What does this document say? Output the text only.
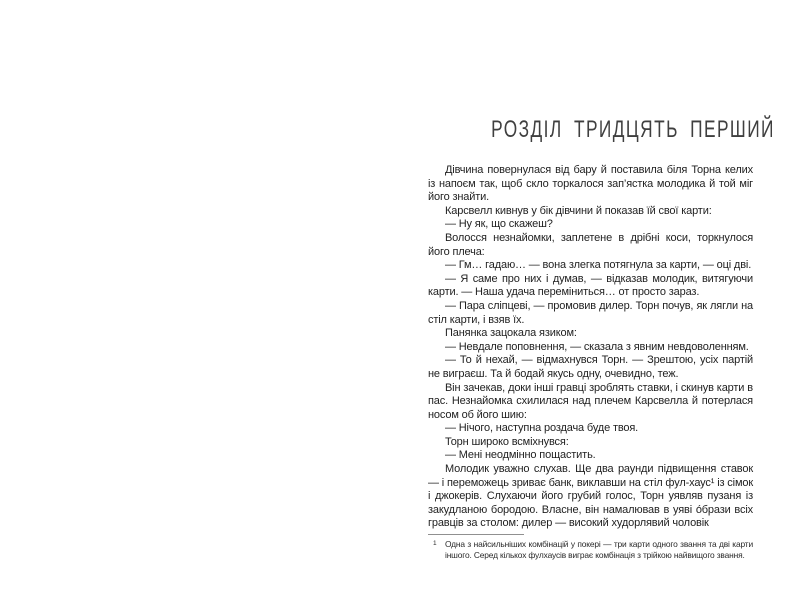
РОЗДІЛ ТРИДЦЯТЬ ПЕРШИЙ

Дівчина повернулася від бару й поставила біля Торна келих із напоєм так, щоб скло торкалося зап’ястка молодика й той міг його знайти.

Карсвелл кивнув у бік дівчини й показав їй свої карти:

— Ну як, що скажеш?

Волосся незнайомки, заплетене в дрібні коси, торкнулося його плеча:

— Гм… гадаю… — вона злегка потягнула за карти, — оці дві.

— Я саме про них і думав, — відказав молодик, витягуючи карти. — Наша удача переміниться… от просто зараз.

— Пара сліпцеві, — промовив дилер. Торн почув, як лягли на стіл карти, і взяв їх.

Панянка зацокала язиком:

— Невдале поповнення, — сказала з явним невдоволенням.

— То й нехай, — відмахнувся Торн. — Зрештою, усіх партій не виграєш. Та й бодай якусь одну, очевидно, теж.

Він зачекав, доки інші гравці зроблять ставки, і скинув карти в пас. Незнайомка схилилася над плечем Карсвелла й потерлася носом об його шию:

— Нічого, наступна роздача буде твоя.

Торн широко всміхнувся:

— Мені неодмінно пощастить.

Молодик уважно слухав. Ще два раунди підвищення ставок — і переможець зриває банк, виклавши на стіл фул-хаус¹ із сімок і джокерів. Слухаючи його грубий голос, Торн уявляв пузаня із закудланою бородою. Власне, він намалював в уяві о́брази всіх гравців за столом: дилер — високий худорлявий чоловік

1 Одна з найсильніших комбінацій у покері — три карти одного звання та дві карти іншого. Серед кількох фулхаусів виграє комбінація з трійкою найвищого звання.
